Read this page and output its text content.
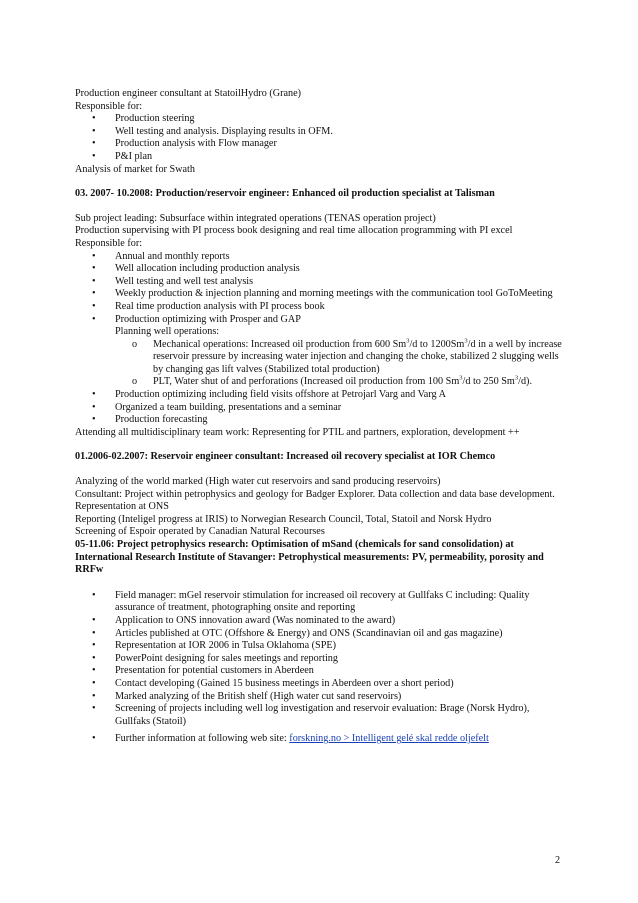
Production engineer consultant at StatoilHydro (Grane)

Responsible for:

• Production steering
• Well testing and analysis. Displaying results in OFM.
• Production analysis with Flow manager
• P&I plan

Analysis of market for Swath

03. 2007- 10.2008: Production/reservoir engineer: Enhanced oil production specialist at Talisman

Sub project leading: Subsurface within integrated operations (TENAS operation project)

Production supervising with PI process book designing and real time allocation programming with PI excel

Responsible for:

• Annual and monthly reports
• Well allocation including production analysis
• Well testing and well test analysis
• Weekly production & injection planning and morning meetings with the communication tool GoToMeeting
• Real time production analysis with PI process book
• Production optimizing with Prosper and GAP

Planning well operations:

o Mechanical operations: Increased oil production from 600 Sm$^3$/d to 1200Sm$^3$/d in a well by increase reservoir pressure by increasing water injection and changing the choke, stabilized 2 slugging wells by changing gas lift valves (Stabilized total production)
o PLT, Water shut of and perforations (Increased oil production from 100 Sm$^3$/d to 250 Sm$^3$/d).
• Production optimizing including field visits offshore at Petrojarl Varg and Varg A
• Organized a team building, presentations and a seminar
• Production forecasting

Attending all multidisciplinary team work: Representing for PTIL and partners, exploration, development ++

01.2006-02.2007: Reservoir engineer consultant: Increased oil recovery specialist at IOR Chemco

Analyzing of the world marked (High water cut reservoirs and sand producing reservoirs)

Consultant: Project within petrophysics and geology for Badger Explorer. Data collection and data base development.

Representation at ONS

Reporting (Inteligel progress at IRIS) to Norwegian Research Council, Total, Statoil and Norsk Hydro

Screening of Espoir operated by Canadian Natural Recourses

05-11.06: Project petrophysics research: Optimisation of mSand (chemicals for sand consolidation) at International Research Institute of Stavanger: Petrophystical measurements: PV, permeability, porosity and RRFw

• Field manager: mGel reservoir stimulation for increased oil recovery at Gullfaks C including: Quality assurance of treatment, photographing onsite and reporting
• Application to ONS innovation award (Was nominated to the award)
• Articles published at OTC (Offshore & Energy) and ONS (Scandinavian oil and gas magazine)
• Representation at IOR 2006 in Tulsa Oklahoma (SPE)
• PowerPoint designing for sales meetings and reporting
• Presentation for potential customers in Aberdeen
• Contact developing (Gained 15 business meetings in Aberdeen over a short period)
• Marked analyzing of the British shelf (High water cut sand reservoirs)
• Screening of projects including well log investigation and reservoir evaluation: Brage (Norsk Hydro), Gullfaks (Statoil)
• Further information at following web site: forskning.no > Intelligent gelé skal redde oljefelt
2
